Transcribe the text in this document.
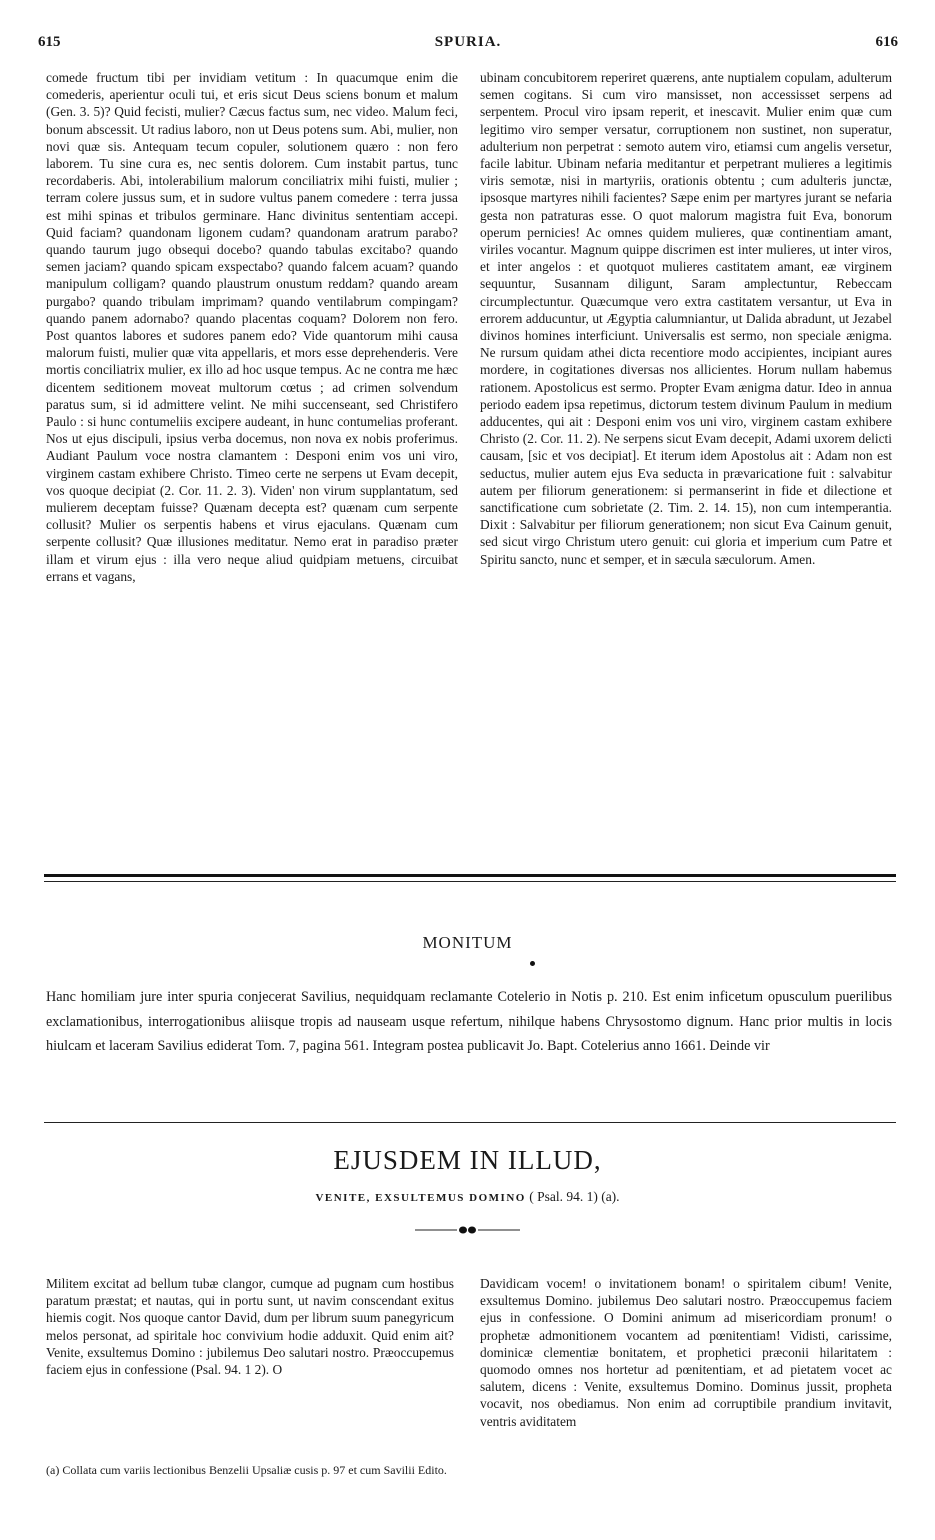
615	SPURIA.	616

comede fructum tibi per invidiam vetitum : In quacumque enim die comederis, aperientur oculi tui, et eris sicut Deus sciens bonum et malum (Gen. 3. 5)? Quid fecisti, mulier? Cæcus factus sum, nec video. Malum feci, bonum abscessit. Ut radius laboro, non ut Deus potens sum. Abi, mulier, non novi quæ sis. Antequam tecum copuler, solutionem quæro : non fero laborem. Tu sine cura es, nec sentis dolorem. Cum instabit partus, tunc recordaberis. Abi, intolerabilium malorum conciliatrix mihi fuisti, mulier ; terram colere jussus sum, et in sudore vultus panem comedere : terra jussa est mihi spinas et tribulos germinare. Hanc divinitus sententiam accepi. Quid faciam? quandonam ligonem cudam? quandonam aratrum parabo? quando taurum jugo obsequi docebo? quando tabulas excitabo? quando semen jaciam? quando spicam exspectabo? quando falcem acuam? quando manipulum colligam? quando plaustrum onustum reddam? quando aream purgabo? quando tribulam imprimam? quando ventilabrum compingam? quando panem adornabo? quando placentas coquam? Dolorem non fero. Post quantos labores et sudores panem edo? Vide quantorum mihi causa malorum fuisti, mulier quæ vita appellaris, et mors esse deprehenderis. Vere mortis conciliatrix mulier, ex illo ad hoc usque tempus. Ac ne contra me hæc dicentem seditionem moveat multorum cœtus ; ad crimen solvendum paratus sum, si id admittere velint. Ne mihi succenseant, sed Christifero Paulo : si hunc contumeliis excipere audeant, in hunc contumelias proferant. Nos ut ejus discipuli, ipsius verba docemus, non nova ex nobis proferimus. Audiant Paulum voce nostra clamantem : Desponi enim vos uni viro, virginem castam exhibere Christo. Timeo certe ne serpens ut Evam decepit, vos quoque decipiat (2. Cor. 11. 2. 3). Viden' non virum supplantatum, sed mulierem deceptam fuisse? Quænam decepta est? quænam cum serpente collusit? Mulier os serpentis habens et virus ejaculans. Quænam cum serpente collusit? Quæ illusiones meditatur. Nemo erat in paradiso præter illam et virum ejus : illa vero neque aliud quidpiam metuens, circuibat errans et vagans,

ubinam concubitorem reperiret quærens, ante nuptialem copulam, adulterum semen cogitans. Si cum viro mansisset, non accessisset serpens ad serpentem. Procul viro ipsam reperit, et inescavit. Mulier enim quæ cum legitimo viro semper versatur, corruptionem non sustinet, non superatur, adulterium non perpetrat : semoto autem viro, etiamsi cum angelis versetur, facile labitur. Ubinam nefaria meditantur et perpetrant mulieres a legitimis viris semotæ, nisi in martyriis, orationis obtentu ; cum adulteris junctæ, ipsosque martyres nihili facientes? Sæpe enim per martyres jurant se nefaria gesta non patraturas esse. O quot malorum magistra fuit Eva, bonorum operum pernicies! Ac omnes quidem mulieres, quæ continentiam amant, viriles vocantur. Magnum quippe discrimen est inter mulieres, ut inter viros, et inter angelos : et quotquot mulieres castitatem amant, eæ virginem sequuntur, Susannam diligunt, Saram amplectuntur, Rebeccam circumplectuntur. Quæcumque vero extra castitatem versantur, ut Eva in errorem adducuntur, ut Ægyptia calumniantur, ut Dalida abradunt, ut Jezabel divinos homines interficiunt. Universalis est sermo, non speciale ænigma. Ne rursum quidam athei dicta recentiore modo accipientes, incipiant aures mordere, in cogitationes diversas nos allicientes. Horum nullam habemus rationem. Apostolicus est sermo. Propter Evam ænigma datur. Ideo in annua periodo eadem ipsa repetimus, dictorum testem divinum Paulum in medium adducentes, qui ait : Desponi enim vos uni viro, virginem castam exhibere Christo (2. Cor. 11. 2). Ne serpens sicut Evam decepit, Adami uxorem delicti causam, [sic et vos decipiat]. Et iterum idem Apostolus ait : Adam non est seductus, mulier autem ejus Eva seducta in prævaricatione fuit : salvabitur autem per filiorum generationem: si permanserint in fide et dilectione et sanctificatione cum sobrietate (2. Tim. 2. 14. 15), non cum intemperantia. Dixit : Salvabitur per filiorum generationem; non sicut Eva Cainum genuit, sed sicut virgo Christum utero genuit: cui gloria et imperium cum Patre et Spiritu sancto, nunc et semper, et in sæcula sæculorum. Amen.

MONITUM
Hanc homiliam jure inter spuria conjecerat Savilius, nequidquam reclamante Cotelerio in Notis p. 210. Est enim inficetum opusculum puerilibus exclamationibus, interrogationibus aliisque tropis ad nauseam usque refertum, nihilque habens Chrysostomo dignum. Hanc prior multis in locis hiulcam et laceram Savilius ediderat Tom. 7, pagina 561. Integram postea publicavit Jo. Bapt. Cotelerius anno 1661. Deinde vir
EJUSDEM IN ILLUD,
VENITE, EXSULTEMUS DOMINO ( Psal. 94. 1) (a).

Militem excitat ad bellum tubæ clangor, cumque ad pugnam cum hostibus paratum præstat; et nautas, qui in portu sunt, ut navim conscendant exitus hiemis cogit. Nos quoque cantor David, dum per librum suum panegyricum melos personat, ad spiritale hoc convivium hodie adduxit. Quid enim ait? Venite, exsultemus Domino : jubilemus Deo salutari nostro. Præoccupemus faciem ejus in confessione (Psal. 94. 1 2). O

Davidicam vocem! o invitationem bonam! o spiritalem cibum! Venite, exsultemus Domino. jubilemus Deo salutari nostro. Præoccupemus faciem ejus in confessione. O Domini animum ad misericordiam pronum! o prophetæ admonitionem vocantem ad pœnitentiam! Vidisti, carissime, dominicæ clementiæ bonitatem, et prophetici præconii hilaritatem : quomodo omnes nos hortetur ad pœnitentiam, et ad pietatem vocet ac salutem, dicens : Venite, exsultemus Domino. Dominus jussit, propheta vocavit, nos obediamus. Non enim ad corruptibile prandium invitavit, ventris aviditatem

(a) Collata cum variis lectionibus Benzelii Upsaliæ cusis p. 97 et cum Savilii Edito.
